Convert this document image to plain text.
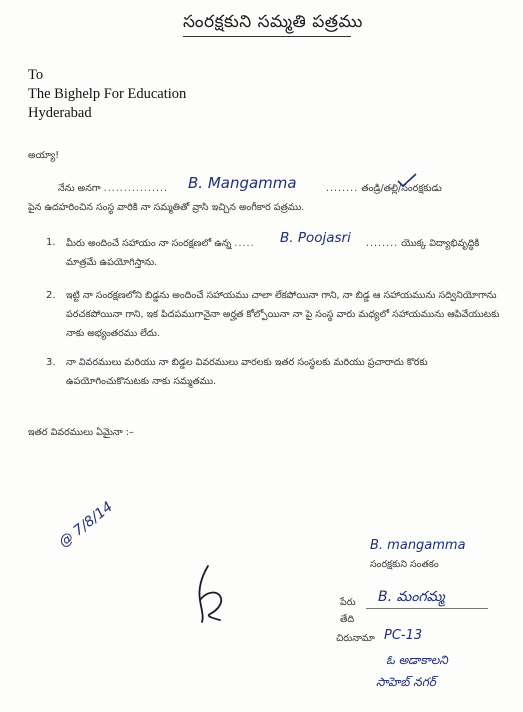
సంరక్షకుని సమ్మతి పత్రము
To
The Bighelp For Education
Hyderabad
అయ్యా!
నేను అనగా ................ B. Mangamma	........ తండ్రి/తల్లి/సంరక్షకుడు
పైన ఉదహరించిన సంస్థ వారికి నా సమ్మతితో వ్రాసి ఇచ్చిన అంగీకార పత్రము.
1. మీరు అందించే సహాయం నా సంరక్షణలో ఉన్న ..... B. Poojasri ........ యొక్క విద్యాభివృద్ధికి
మాత్రమే ఉపయోగిస్తాను.
2. ఇట్టి నా సంరక్షణలోని బిడ్డను అందించే సహాయము చాలా లేకపోయినా గాని, నా బిడ్డ ఆ సహాయమును సద్వినియోగాను పరచకపోయినా గాని, ఇక పిదపముగానైనా అర్హత కోల్పోయినా నా పై సంస్థ వారు మధ్యలో సహాయమును ఆపివేయుటకు నాకు అభ్యంతరము లేదు.
3. నా వివరములు మరియు నా బిడ్డల వివరములు వారలకు ఇతర సంస్థలకు మరియు ప్రచారాదు కొరకు ఉపయోగించుకొనుటకు నాకు సమ్మతము.
ఇతర వివరములు ఏమైనా :–
@ 7/8/14	B. mangamma
సంరక్షకుని సంతకం
పేరు B. మంగమ్మ
తేది
చిరునామా PC-13
ఓ అడాకాలని
సాహెబ్ నగర్
